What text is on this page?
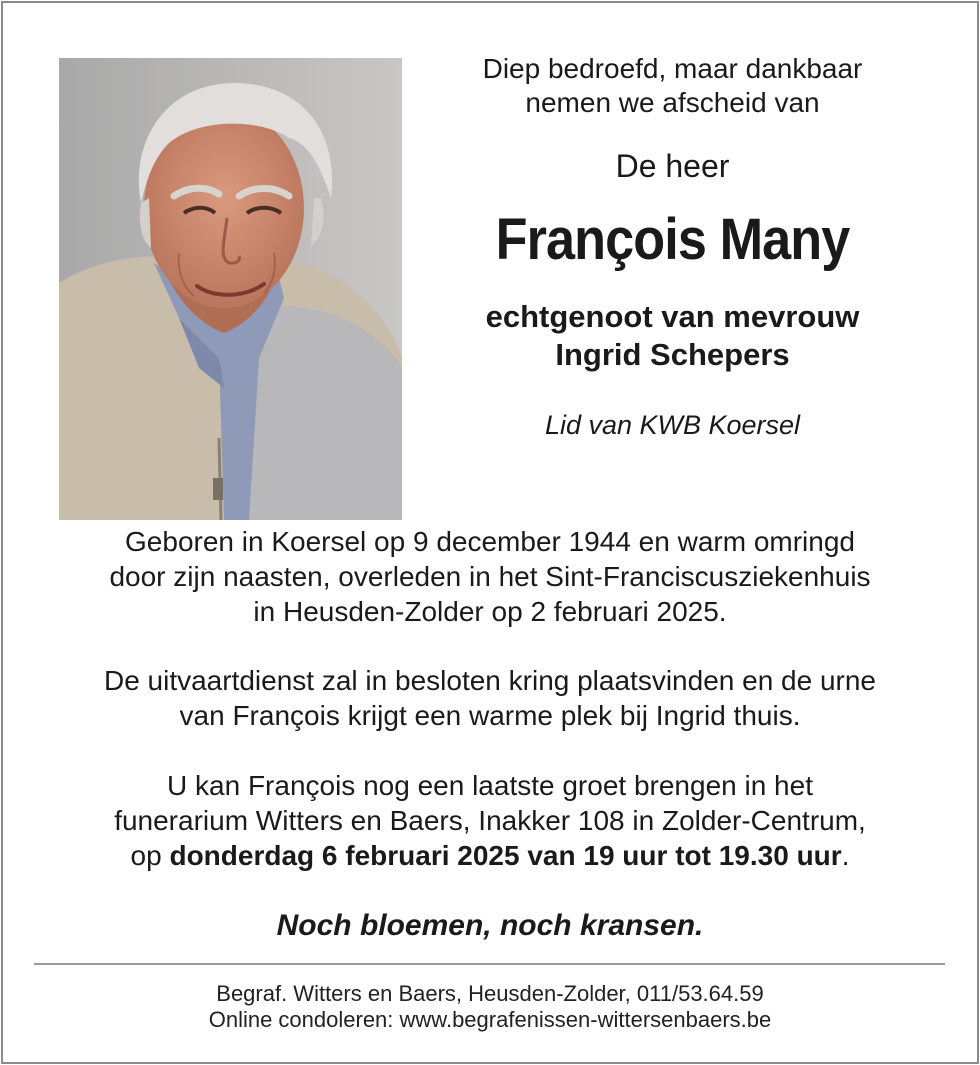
Diep bedroefd, maar dankbaar

nemen we afscheid van

De heer

François Many

echtgenoot van mevrouw

Ingrid Schepers

Lid van KWB Koersel

Geboren in Koersel op 9 december 1944 en warm omringd

door zijn naasten, overleden in het Sint-Franciscusziekenhuis

in Heusden-Zolder op 2 februari 2025.

De uitvaartdienst zal in besloten kring plaatsvinden en de urne

van François krijgt een warme plek bij Ingrid thuis.

U kan François nog een laatste groet brengen in het

funerarium Witters en Baers, Inakker 108 in Zolder-Centrum,

op donderdag 6 februari 2025 van 19 uur tot 19.30 uur.

Noch bloemen, noch kransen.

Begraf. Witters en Baers, Heusden-Zolder, 011/53.64.59

Online condoleren: www.begrafenissen-wittersenbaers.be
